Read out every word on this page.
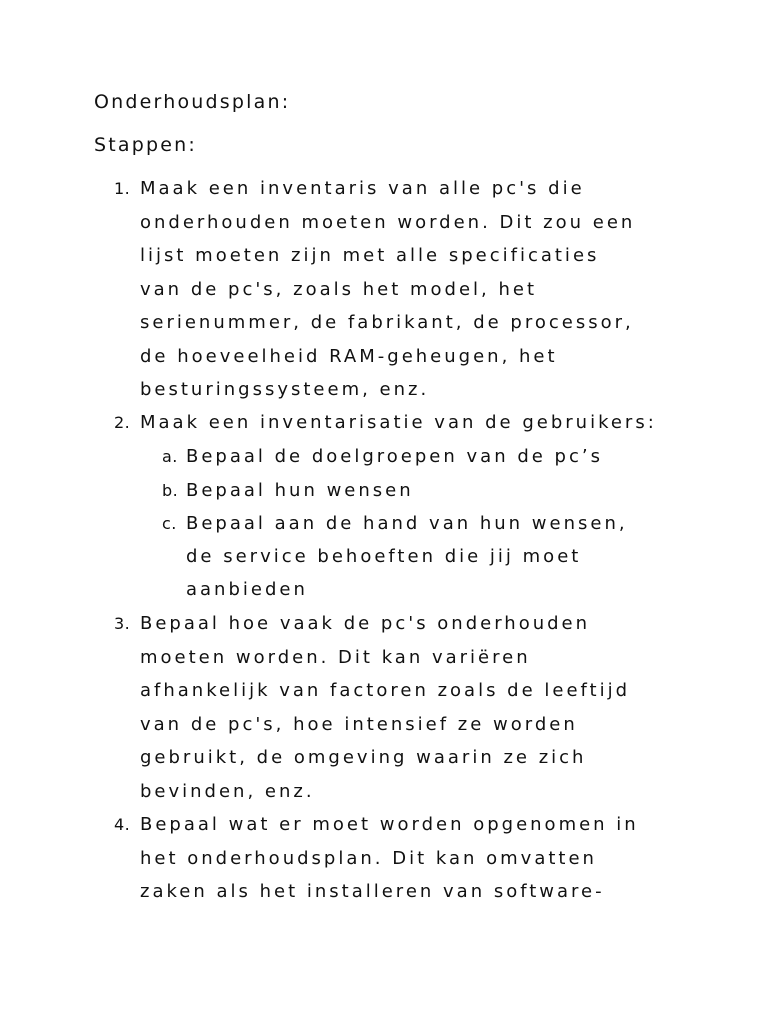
Onderhoudsplan:
Stappen:
1. Maak een inventaris van alle pc's die
onderhouden moeten worden. Dit zou een
lijst moeten zijn met alle specificaties
van de pc's, zoals het model, het
serienummer, de fabrikant, de processor,
de hoeveelheid RAM-geheugen, het
besturingssysteem, enz.
2. Maak een inventarisatie van de gebruikers:
a. Bepaal de doelgroepen van de pc’s
b. Bepaal hun wensen
c. Bepaal aan de hand van hun wensen,
de service behoeften die jij moet
aanbieden
3. Bepaal hoe vaak de pc's onderhouden
moeten worden. Dit kan variëren
afhankelijk van factoren zoals de leeftijd
van de pc's, hoe intensief ze worden
gebruikt, de omgeving waarin ze zich
bevinden, enz.
4. Bepaal wat er moet worden opgenomen in
het onderhoudsplan. Dit kan omvatten
zaken als het installeren van software-
